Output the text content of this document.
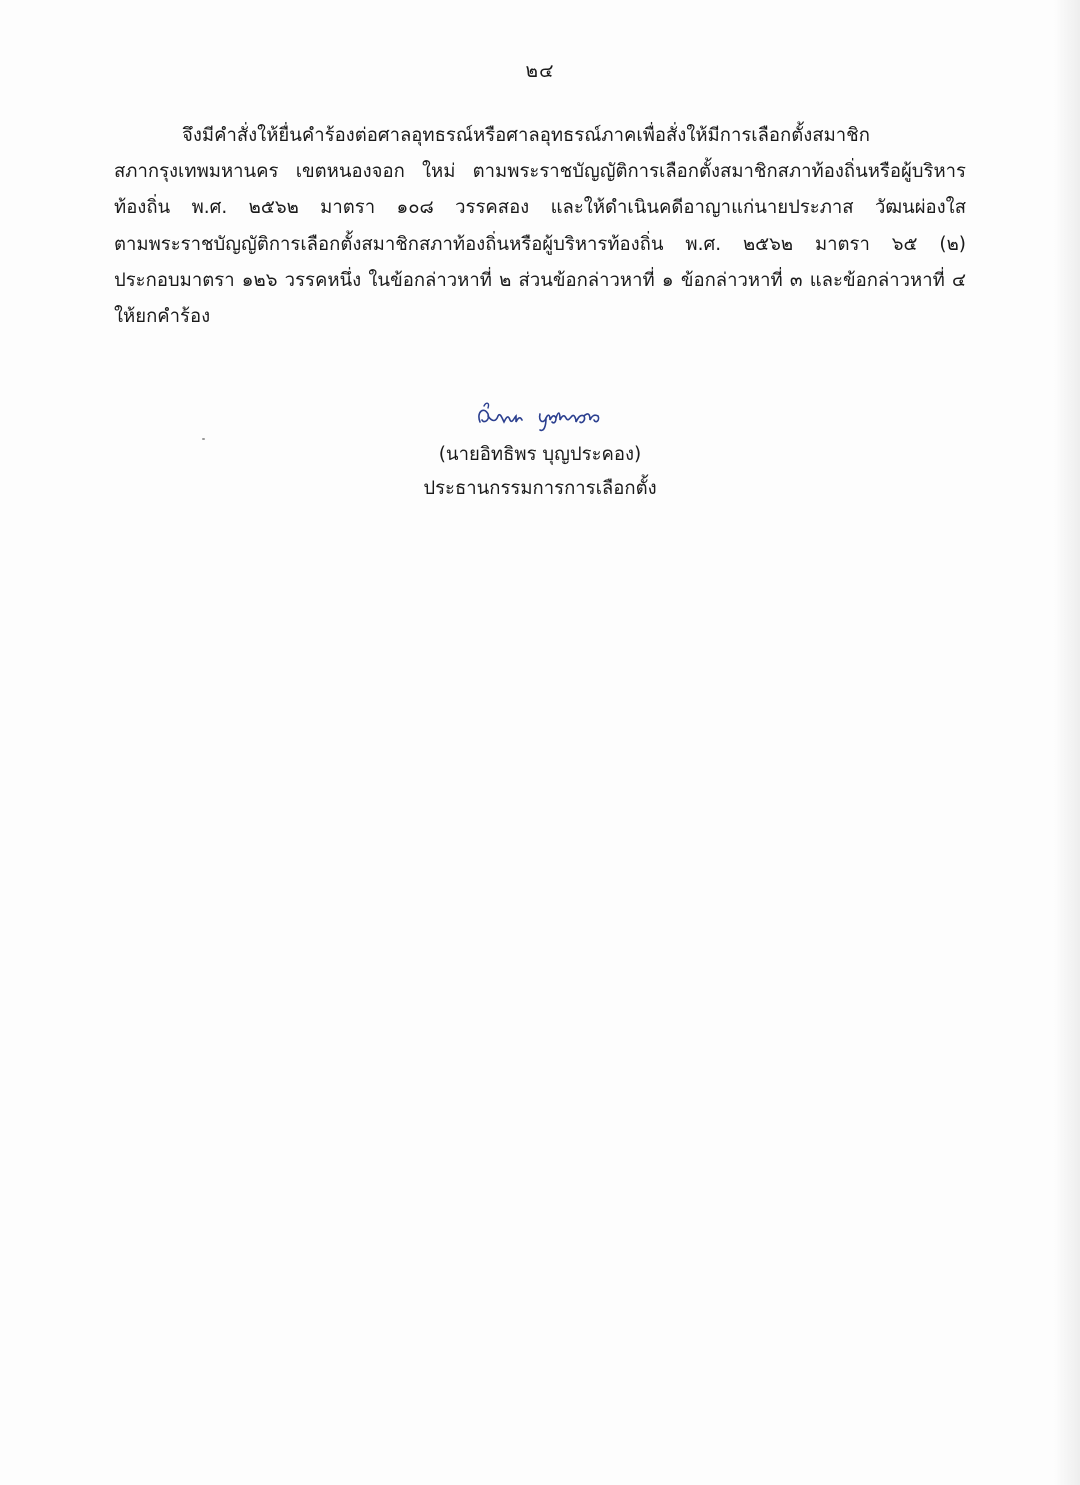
๒๔
จึงมีคำสั่งให้ยื่นคำร้องต่อศาลอุทธรณ์หรือศาลอุทธรณ์ภาคเพื่อสั่งให้มีการเลือกตั้งสมาชิก
สภากรุงเทพมหานคร เขตหนองจอก ใหม่ ตามพระราชบัญญัติการเลือกตั้งสมาชิกสภาท้องถิ่นหรือผู้บริหาร
ท้องถิ่น พ.ศ. ๒๕๖๒ มาตรา ๑๐๘ วรรคสอง และให้ดำเนินคดีอาญาแก่นายประภาส วัฒนผ่องใส
ตามพระราชบัญญัติการเลือกตั้งสมาชิกสภาท้องถิ่นหรือผู้บริหารท้องถิ่น พ.ศ. ๒๕๖๒ มาตรา ๖๕ (๒)
ประกอบมาตรา ๑๒๖ วรรคหนึ่ง ในข้อกล่าวหาที่ ๒ ส่วนข้อกล่าวหาที่ ๑ ข้อกล่าวหาที่ ๓ และข้อกล่าวหาที่ ๔
ให้ยกคำร้อง
(นายอิทธิพร บุญประคอง)
ประธานกรรมการการเลือกตั้ง
